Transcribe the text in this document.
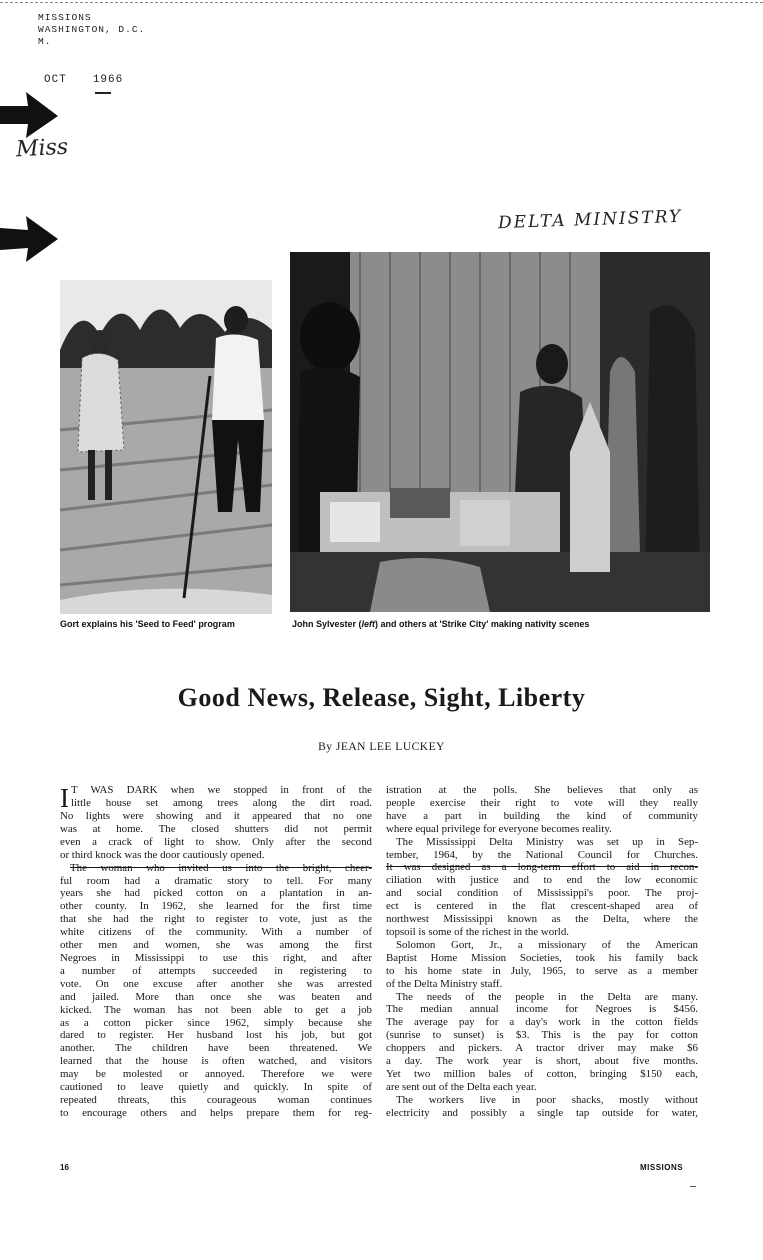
MISSIONS
WASHINGTON, D.C.
M.
OCT 1966
Miss
DELTA MINISTRY
Gort explains his 'Seed to Feed' program	John Sylvester (left) and others at 'Strike City' making nativity scenes
Good News, Release, Sight, Liberty
By JEAN LEE LUCKEY
I T WAS DARK when we stopped in front of the
little house set among trees along the dirt road.
No lights were showing and it appeared that no one
was at home. The closed shutters did not permit
even a crack of light to show. Only after the second
or third knock was the door cautiously opened.
The woman who invited us into the bright, cheer-
ful room had a dramatic story to tell. For many
years she had picked cotton on a plantation in an-
other county. In 1962, she learned for the first time
that she had the right to register to vote, just as the
white citizens of the community. With a number of
other men and women, she was among the first
Negroes in Mississippi to use this right, and after
a number of attempts succeeded in registering to
vote. On one excuse after another she was arrested
and jailed. More than once she was beaten and
kicked. The woman has not been able to get a job
as a cotton picker since 1962, simply because she
dared to register. Her husband lost his job, but got
another. The children have been threatened. We
learned that the house is often watched, and visitors
may be molested or annoyed. Therefore we were
cautioned to leave quietly and quickly. In spite of
repeated threats, this courageous woman continues
to encourage others and helps prepare them for reg-
istration at the polls. She believes that only as
people exercise their right to vote will they really
have a part in building the kind of community
where equal privilege for everyone becomes reality.
The Mississippi Delta Ministry was set up in Sep-
tember, 1964, by the National Council for Churches.
It was designed as a long-term effort to aid in recon-
ciliation with justice and to end the low economic
and social condition of Mississippi's poor. The proj-
ect is centered in the flat crescent-shaped area of
northwest Mississippi known as the Delta, where the
topsoil is some of the richest in the world.
Solomon Gort, Jr., a missionary of the American
Baptist Home Mission Societies, took his family back
to his home state in July, 1965, to serve as a member
of the Delta Ministry staff.
The needs of the people in the Delta are many.
The median annual income for Negroes is $456.
The average pay for a day's work in the cotton fields
(sunrise to sunset) is $3. This is the pay for cotton
choppers and pickers. A tractor driver may make $6
a day. The work year is short, about five months.
Yet two million bales of cotton, bringing $150 each,
are sent out of the Delta each year.
The workers live in poor shacks, mostly without
electricity and possibly a single tap outside for water,
16	MISSIONS
